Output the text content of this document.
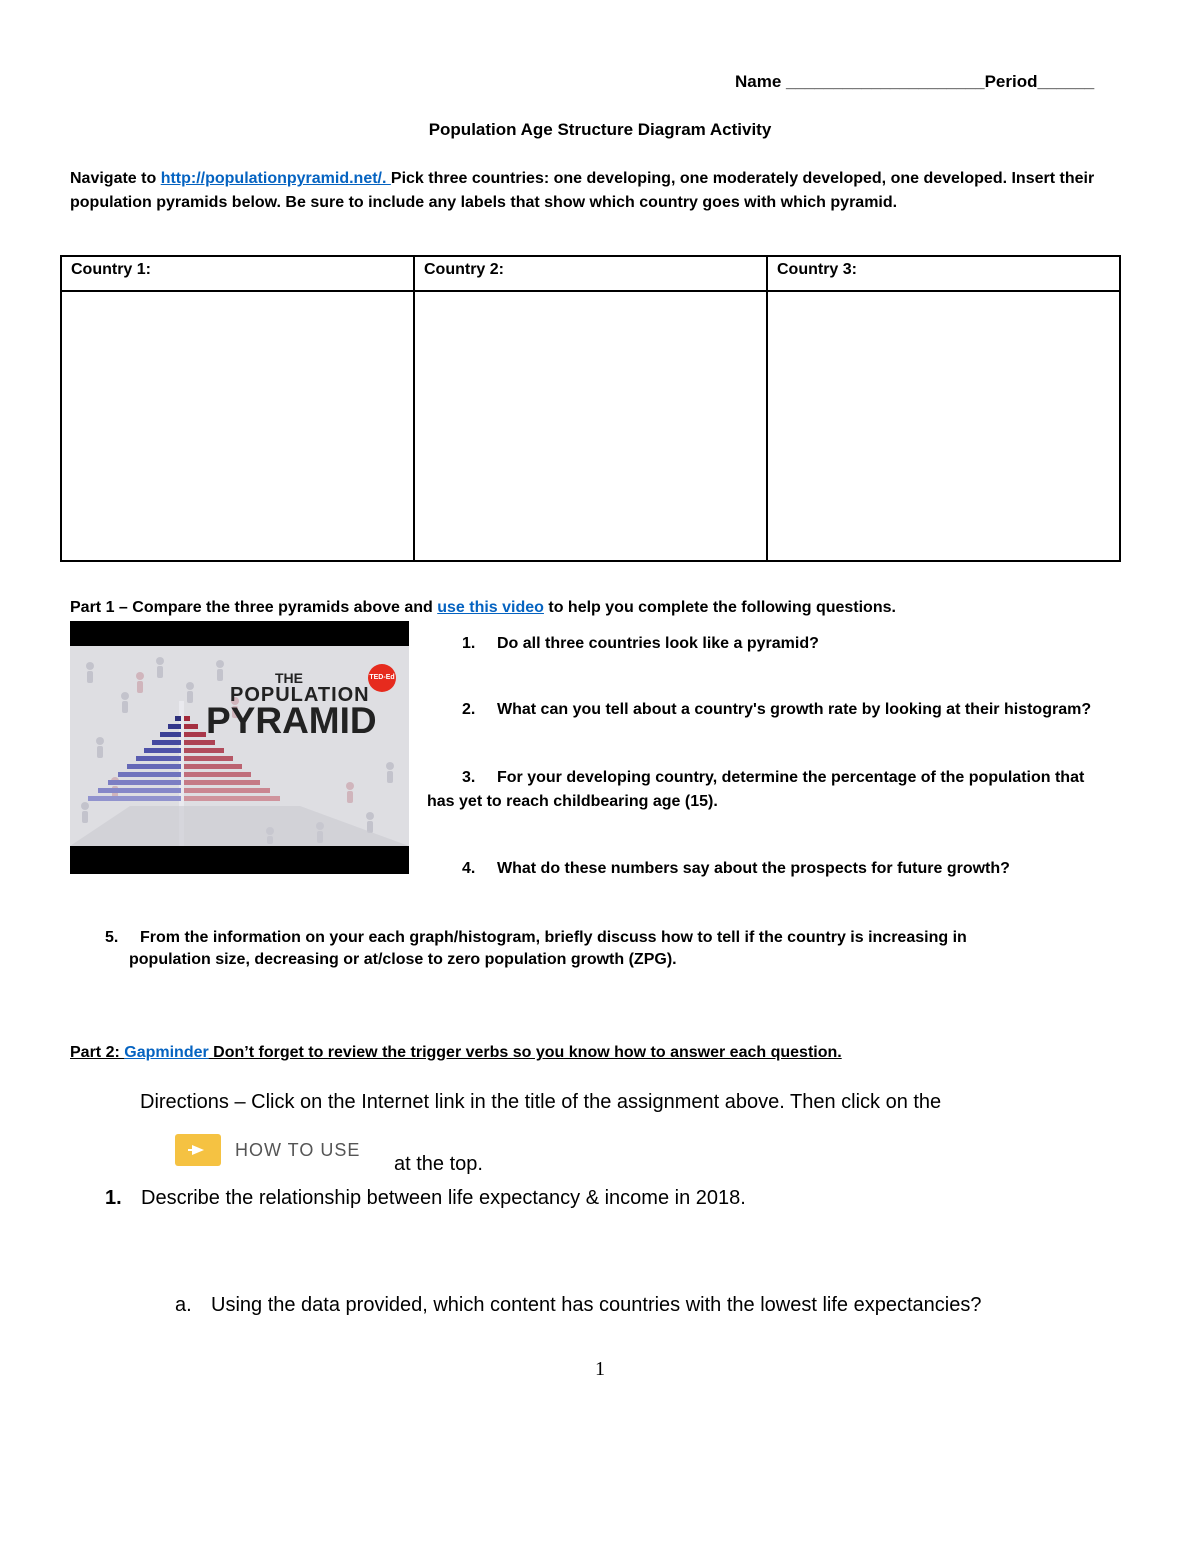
Name _____________________Period______
Population Age Structure Diagram Activity
Navigate to http://populationpyramid.net/. Pick three countries: one developing, one moderately developed, one developed. Insert their population pyramids below. Be sure to include any labels that show which country goes with which pyramid.
Country 1:	Country 2:	Country 3:
Part 1 – Compare the three pyramids above and use this video to help you complete the following questions.
THE
POPULATION
PYRAMID
TED-Ed
1. Do all three countries look like a pyramid?
2. What can you tell about a country's growth rate by looking at their histogram?
3. For your developing country, determine the percentage of the population that
has yet to reach childbearing age (15).
4. What do these numbers say about the prospects for future growth?
5. From the information on your each graph/histogram, briefly discuss how to tell if the country is increasing in
population size, decreasing or at/close to zero population growth (ZPG).
Part 2: Gapminder Don’t forget to review the trigger verbs so you know how to answer each question.
Directions – Click on the Internet link in the title of the assignment above. Then click on the
HOW TO USE
at the top.
1. Describe the relationship between life expectancy & income in 2018.
a. Using the data provided, which content has countries with the lowest life expectancies?
1
